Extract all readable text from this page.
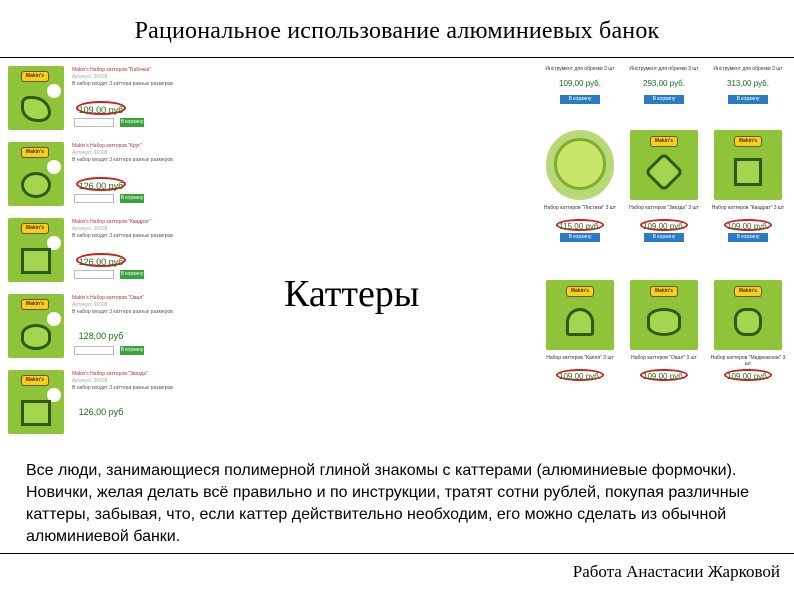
Рациональное использование алюминиевых банок
Makin's
Makin's Набор каттеров "Бабочка"
Артикул: 36008
В набор входит 3 каттера разных размеров
109,00 руб
В корзину
Makin's
Makin's Набор каттеров "Круг"
Артикул: 36008
В набор входит 3 каттера разных размеров
126,00 руб
В корзину
Makin's
Makin's Набор каттеров "Квадрат"
Артикул: 36008
В набор входит 3 каттера разных размеров
126,00 руб
В корзину
Makin's
Makin's Набор каттеров "Овал"
Артикул: 36008
В набор входит 3 каттера разных размеров
128,00 руб
В корзину
Makin's
Makin's Набор каттеров "Звезда"
Артикул: 36008
В набор входит 3 каттера разных размеров
126,00 руб
Инструмент для обрезки 3 шт
109,00 руб.
В корзину
Инструмент для обрезки 3 шт
293,00 руб.
В корзину
Инструмент для обрезки 3 шт
313,00 руб.
В корзину
Набор каттеров "Листики" 3 шт
115,00 руб.
В корзину
Makin's
Набор каттеров "Звезда" 3 шт
109,00 руб.
В корзину
Makin's
Набор каттеров "Квадрат" 3 шт
109,00 руб.
В корзину
Makin's
Набор каттеров "Капля" 3 шт
109,00 руб.
Makin's
Набор каттеров "Овал" 3 шт
109,00 руб.
Makin's
Набор каттеров "Медвежонок" 3 шт
109,00 руб.
Каттеры
Все люди, занимающиеся полимерной глиной знакомы с каттерами (алюминиевые формочки). Новички, желая делать всё правильно и по инструкции, тратят сотни рублей, покупая различные каттеры, забывая, что, если каттер действительно необходим, его можно сделать из обычной алюминиевой банки.
Работа Анастасии Жарковой
